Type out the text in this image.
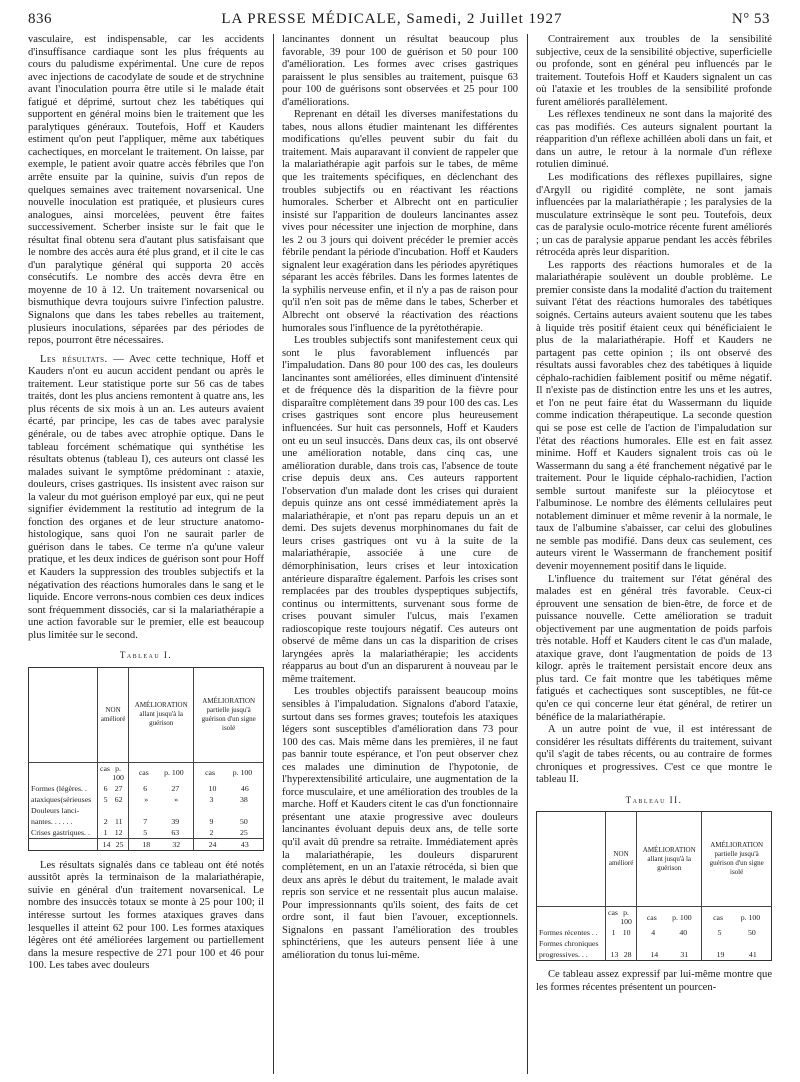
836	LA PRESSE MÉDICALE, Samedi, 2 Juillet 1927	N° 53

vasculaire, est indispensable, car les accidents d'insuffisance cardiaque sont les plus fréquents au cours du paludisme expérimental. Une cure de repos avec injections de cacodylate de soude et de strychnine avant l'inoculation pourra être utile si le malade était fatigué et déprimé, surtout chez les tabétiques qui supportent en général moins bien le traitement que les paralytiques généraux. Toutefois, Hoff et Kauders estiment qu'on peut l'appliquer, même aux tabétiques cachectiques, en morcelant le traitement. On laisse, par exemple, le patient avoir quatre accès fébriles que l'on arrête ensuite par la quinine, suivis d'un repos de quelques semaines avec traitement novarsenical. Une nouvelle inoculation est pratiquée, et plusieurs cures analogues, ainsi morcelées, peuvent être faites successivement. Scherber insiste sur le fait que le résultat final obtenu sera d'autant plus satisfaisant que le nombre des accès aura été plus grand, et il cite le cas d'un paralytique général qui supporta 20 accès consécutifs. Le nombre des accès devra être en moyenne de 10 à 12. Un traitement novarsenical ou bismuthique devra toujours suivre l'infection palustre. Signalons que dans les tabes rebelles au traitement, plusieurs inoculations, séparées par des périodes de repos, pourront être nécessaires.

Les résultats. — Avec cette technique, Hoff et Kauders n'ont eu aucun accident pendant ou après le traitement. Leur statistique porte sur 56 cas de tabes traités, dont les plus anciens remontent à quatre ans, les plus récents de six mois à un an. Les auteurs avaient écarté, par principe, les cas de tabes avec paralysie générale, ou de tabes avec atrophie optique. Dans le tableau forcément schématique qui synthétise les résultats obtenus (tableau I), ces auteurs ont classé les malades suivant le symptôme prédominant : ataxie, douleurs, crises gastriques. Ils insistent avec raison sur la valeur du mot guérison employé par eux, qui ne peut signifier évidemment la restitutio ad integrum de la fonction des organes et de leur structure anatomo-histologique, sans quoi l'on ne saurait parler de guérison dans le tabes. Ce terme n'a qu'une valeur pratique, et les deux indices de guérison sont pour Hoff et Kauders la suppression des troubles subjectifs et la négativation des réactions humorales dans le sang et le liquide. Encore verrons-nous combien ces deux indices sont fréquemment dissociés, car si la malariathérapie a une action favorable sur le premier, elle est beaucoup plus limitée sur le second.

Tableau I.
	NON amélioré	AMÉLIORATION allant jusqu'à la guérison	AMÉLIORATION partielle jusqu'à guérison d'un signe isolé

	cas p. 100	cas p. 100	cas p. 100

Formes (légères. .	6 27	6 27	10 46

ataxiques(sérieuses	5 62	» »	3 38

Douleurs lanci-			
nantes. . . . . .	2 11	7 39	9 50

Crises gastriques. .	1 12	5 63	2 25

	14 25	18 32	24 43

Les résultats signalés dans ce tableau ont été notés aussitôt après la terminaison de la malariathérapie, suivie en général d'un traitement novarsenical. Le nombre des insuccès totaux se monte à 25 pour 100; il intéresse surtout les formes ataxiques graves dans lesquelles il atteint 62 pour 100. Les formes ataxiques légères ont été améliorées largement ou partiellement dans la mesure respective de 271 pour 100 et 46 pour 100. Les tabes avec douleurs

lancinantes donnent un résultat beaucoup plus favorable, 39 pour 100 de guérison et 50 pour 100 d'amélioration. Les formes avec crises gastriques paraissent le plus sensibles au traitement, puisque 63 pour 100 de guérisons sont observées et 25 pour 100 d'améliorations.

Reprenant en détail les diverses manifestations du tabes, nous allons étudier maintenant les différentes modifications qu'elles peuvent subir du fait du traitement. Mais auparavant il convient de rappeler que la malariathérapie agit parfois sur le tabes, de même que les traitements spécifiques, en déclenchant des troubles subjectifs ou en réactivant les réactions humorales. Scherber et Albrecht ont en particulier insisté sur l'apparition de douleurs lancinantes assez vives pour nécessiter une injection de morphine, dans les 2 ou 3 jours qui doivent précéder le premier accès fébrile pendant la période d'incubation. Hoff et Kauders signalent leur exagération dans les périodes apyrétiques séparant les accès fébriles. Dans les formes latentes de la syphilis nerveuse enfin, et il n'y a pas de raison pour qu'il n'en soit pas de même dans le tabes, Scherber et Albrecht ont observé la réactivation des réactions humorales sous l'influence de la pyrétothérapie.

Les troubles subjectifs sont manifestement ceux qui sont le plus favorablement influencés par l'impaludation. Dans 80 pour 100 des cas, les douleurs lancinantes sont améliorées, elles diminuent d'intensité et de fréquence dès la disparition de la fièvre pour disparaître complètement dans 39 pour 100 des cas. Les crises gastriques sont encore plus heureusement influencées. Sur huit cas personnels, Hoff et Kauders ont eu un seul insuccès. Dans deux cas, ils ont observé une amélioration notable, dans cinq cas, une amélioration durable, dans trois cas, l'absence de toute crise depuis deux ans. Ces auteurs rapportent l'observation d'un malade dont les crises qui duraient depuis quinze ans ont cessé immédiatement après la malariathérapie, et n'ont pas reparu depuis un an et demi. Des sujets devenus morphinomanes du fait de leurs crises gastriques ont vu à la suite de la malariathérapie, associée à une cure de démorphinisation, leurs crises et leur intoxication antérieure disparaître également. Parfois les crises sont remplacées par des troubles dyspeptiques subjectifs, continus ou intermittents, survenant sous forme de crises pouvant simuler l'ulcus, mais l'examen radioscopique reste toujours négatif. Ces auteurs ont observé de même dans un cas la disparition de crises laryngées après la malariathérapie; les accidents réapparus au bout d'un an disparurent à nouveau par le même traitement.

Les troubles objectifs paraissent beaucoup moins sensibles à l'impaludation. Signalons d'abord l'ataxie, surtout dans ses formes graves; toutefois les ataxiques légers sont susceptibles d'amélioration dans 73 pour 100 des cas. Mais même dans les premières, il ne faut pas bannir toute espérance, et l'on peut observer chez ces malades une diminution de l'hypotonie, de l'hyperextensibilité articulaire, une augmentation de la force musculaire, et une amélioration des troubles de la marche. Hoff et Kauders citent le cas d'un fonctionnaire présentant une ataxie progressive avec douleurs lancinantes évoluant depuis deux ans, de telle sorte qu'il avait dû prendre sa retraite. Immédiatement après la malariathérapie, les douleurs disparurent complètement, en un an l'ataxie rétrocéda, si bien que deux ans après le début du traitement, le malade avait repris son service et ne ressentait plus aucun malaise. Pour impressionnants qu'ils soient, des faits de cet ordre sont, il faut bien l'avouer, exceptionnels. Signalons en passant l'amélioration des troubles sphinctériens, que les auteurs pensent liée à une amélioration du tonus lui-même.

Contrairement aux troubles de la sensibilité subjective, ceux de la sensibilité objective, superficielle ou profonde, sont en général peu influencés par le traitement. Toutefois Hoff et Kauders signalent un cas où l'ataxie et les troubles de la sensibilité profonde furent améliorés parallèlement.

Les réflexes tendineux ne sont dans la majorité des cas pas modifiés. Ces auteurs signalent pourtant la réapparition d'un réflexe achilléen aboli dans un fait, et dans un autre, le retour à la normale d'un réflexe rotulien diminué.

Les modifications des réflexes pupillaires, signe d'Argyll ou rigidité complète, ne sont jamais influencées par la malariathérapie ; les paralysies de la musculature extrinsèque le sont peu. Toutefois, deux cas de paralysie oculo-motrice récente furent améliorés ; un cas de paralysie apparue pendant les accès fébriles rétrocéda après leur disparition.

Les rapports des réactions humorales et de la malariathérapie soulèvent un double problème. Le premier consiste dans la modalité d'action du traitement suivant l'état des réactions humorales des tabétiques soignés. Certains auteurs avaient soutenu que les tabes à liquide très positif étaient ceux qui bénéficiaient le plus de la malariathérapie. Hoff et Kauders ne partagent pas cette opinion ; ils ont observé des résultats aussi favorables chez des tabétiques à liquide céphalo-rachidien faiblement positif ou même négatif. Il n'existe pas de distinction entre les uns et les autres, et l'on ne peut faire état du Wassermann du liquide comme indication thérapeutique. La seconde question qui se pose est celle de l'action de l'impaludation sur l'état des réactions humorales. Elle est en fait assez minime. Hoff et Kauders signalent trois cas où le Wassermann du sang a été franchement négativé par le traitement. Pour le liquide céphalo-rachidien, l'action semble surtout manifeste sur la pléiocytose et l'albuminose. Le nombre des éléments cellulaires peut notablement diminuer et même revenir à la normale, le taux de l'albumine s'abaisser, car celui des globulines ne semble pas modifié. Dans deux cas seulement, ces auteurs virent le Wassermann de franchement positif devenir moyennement positif dans le liquide.

L'influence du traitement sur l'état général des malades est en général très favorable. Ceux-ci éprouvent une sensation de bien-être, de force et de puissance nouvelle. Cette amélioration se traduit objectivement par une augmentation de poids parfois très notable. Hoff et Kauders citent le cas d'un malade, ataxique grave, dont l'augmentation de poids de 13 kilogr. après le traitement persistait encore deux ans plus tard. Ce fait montre que les tabétiques même fatigués et cachectiques sont susceptibles, ne fût-ce qu'en ce qui concerne leur état général, de retirer un bénéfice de la malariathérapie.

A un autre point de vue, il est intéressant de considérer les résultats différents du traitement, suivant qu'il s'agit de tabes récents, ou au contraire de formes chroniques et progressives. C'est ce que montre le tableau II.

Tableau II.
	NON amélioré	AMÉLIORATION allant jusqu'à la guérison	AMÉLIORATION partielle jusqu'à guérison d'un signe isolé

	cas p. 100	cas p. 100	cas p. 100

Formes récentes . .	1 10	4 40	5 50

Formes chroniques			
progressives. . .	13 28	14 31	19 41

Ce tableau assez expressif par lui-même montre que les formes récentes présentent un pourcen-
